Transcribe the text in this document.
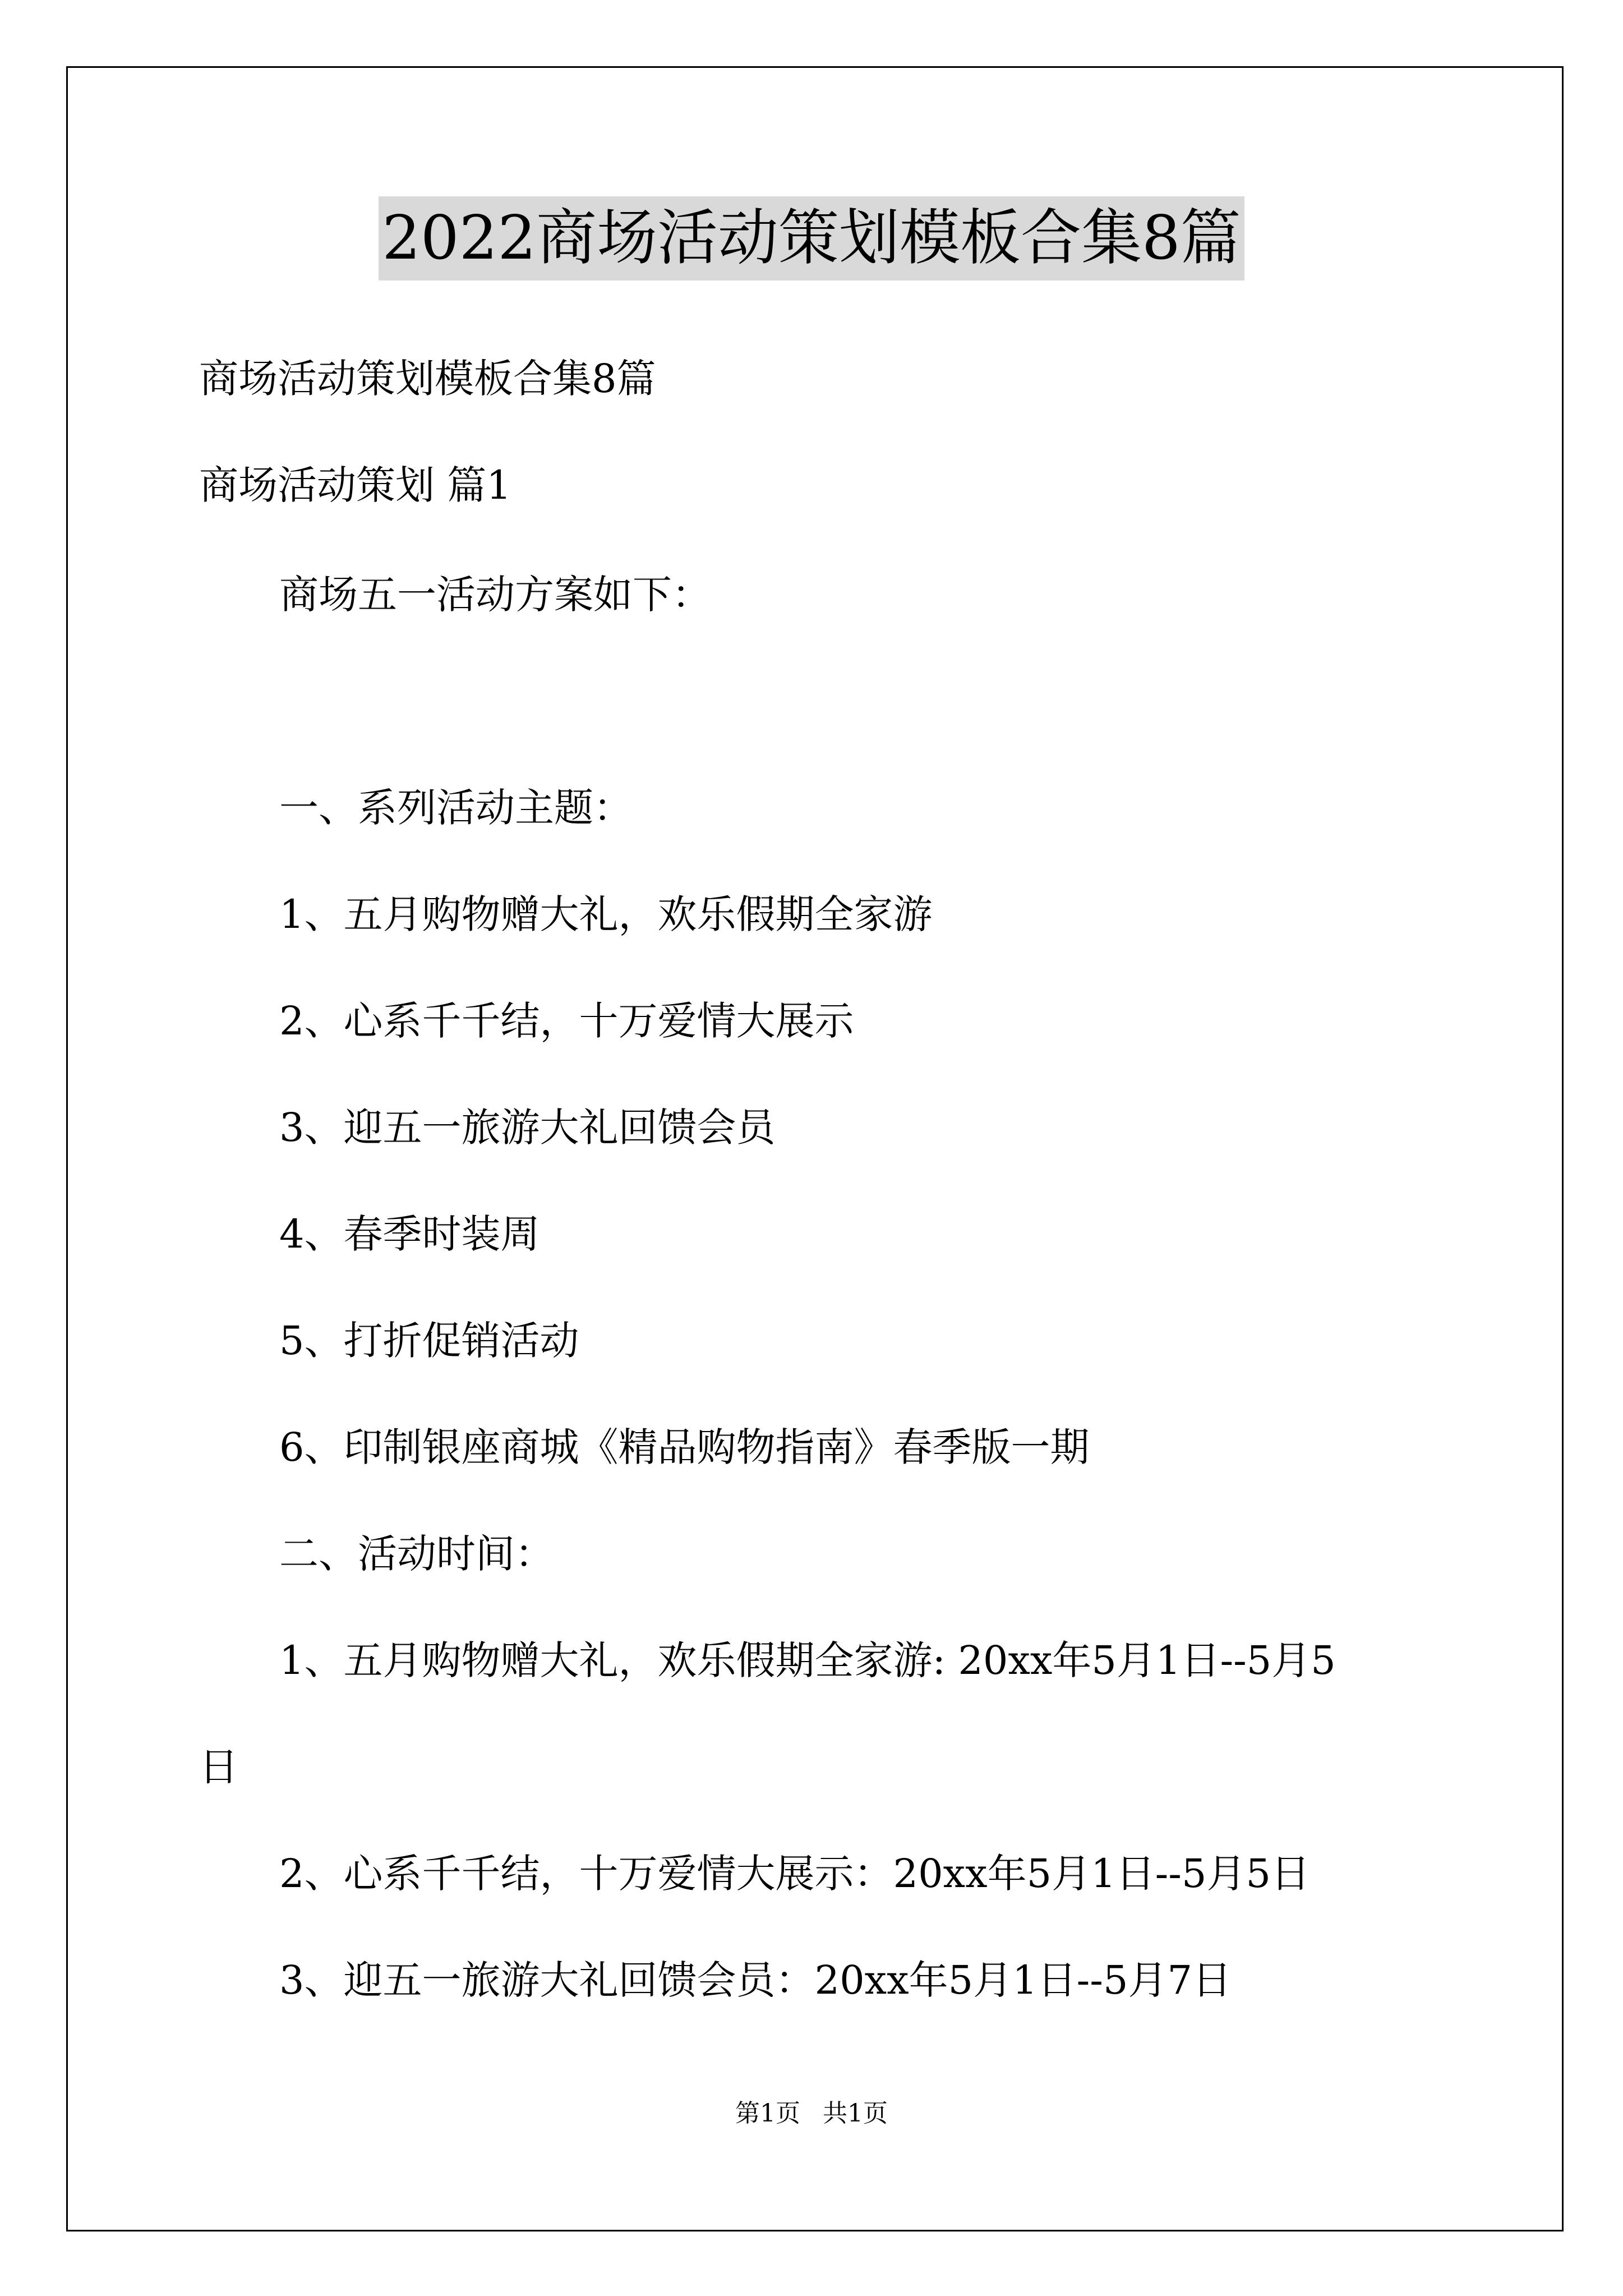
2022商场活动策划模板合集8篇
商场活动策划模板合集8篇
商场活动策划 篇1
商场五一活动方案如下：
一、系列活动主题：
1、五月购物赠大礼，欢乐假期全家游
2、心系千千结，十万爱情大展示
3、迎五一旅游大礼回馈会员
4、春季时装周
5、打折促销活动
6、印制银座商城《精品购物指南》春季版一期
二、活动时间：
1、五月购物赠大礼，欢乐假期全家游: 20xx年5月1日--5月5
日
2、心系千千结，十万爱情大展示：20xx年5月1日--5月5日
3、迎五一旅游大礼回馈会员：20xx年5月1日--5月7日
第1页 共1页
